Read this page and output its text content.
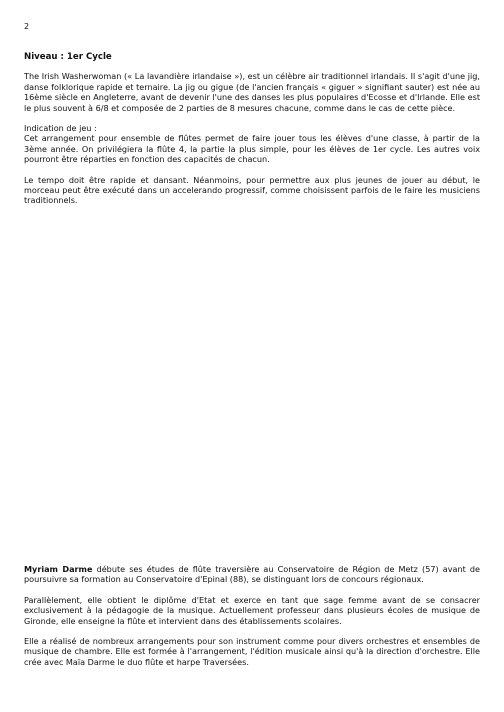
2
Niveau : 1er Cycle

The Irish Washerwoman (« La lavandière irlandaise »), est un célèbre air traditionnel irlandais. Il s'agit d'une jig, danse folklorique rapide et ternaire. La jig ou gigue (de l'ancien français « giguer » signifiant sauter) est née au 16ème siècle en Angleterre, avant de devenir l'une des danses les plus populaires d'Ecosse et d'Irlande. Elle est le plus souvent à 6/8 et composée de 2 parties de 8 mesures chacune, comme dans le cas de cette pièce.

Indication de jeu :

Cet arrangement pour ensemble de flûtes permet de faire jouer tous les élèves d'une classe, à partir de la 3ème année. On privilégiera la flûte 4, la partie la plus simple, pour les élèves de 1er cycle. Les autres voix pourront être réparties en fonction des capacités de chacun.

Le tempo doit être rapide et dansant. Néanmoins, pour permettre aux plus jeunes de jouer au début, le morceau peut être exécuté dans un accelerando progressif, comme choisissent parfois de le faire les musiciens traditionnels.

Myriam Darme débute ses études de flûte traversière au Conservatoire de Région de Metz (57) avant de poursuivre sa formation au Conservatoire d'Epinal (88), se distinguant lors de concours régionaux.

Parallèlement, elle obtient le diplôme d'Etat et exerce en tant que sage femme avant de se consacrer exclusivement à la pédagogie de la musique. Actuellement professeur dans plusieurs écoles de musique de Gironde, elle enseigne la flûte et intervient dans des établissements scolaires.

Elle a réalisé de nombreux arrangements pour son instrument comme pour divers orchestres et ensembles de musique de chambre. Elle est formée à l'arrangement, l'édition musicale ainsi qu'à la direction d'orchestre. Elle crée avec Maïa Darme le duo flûte et harpe Traversées.
